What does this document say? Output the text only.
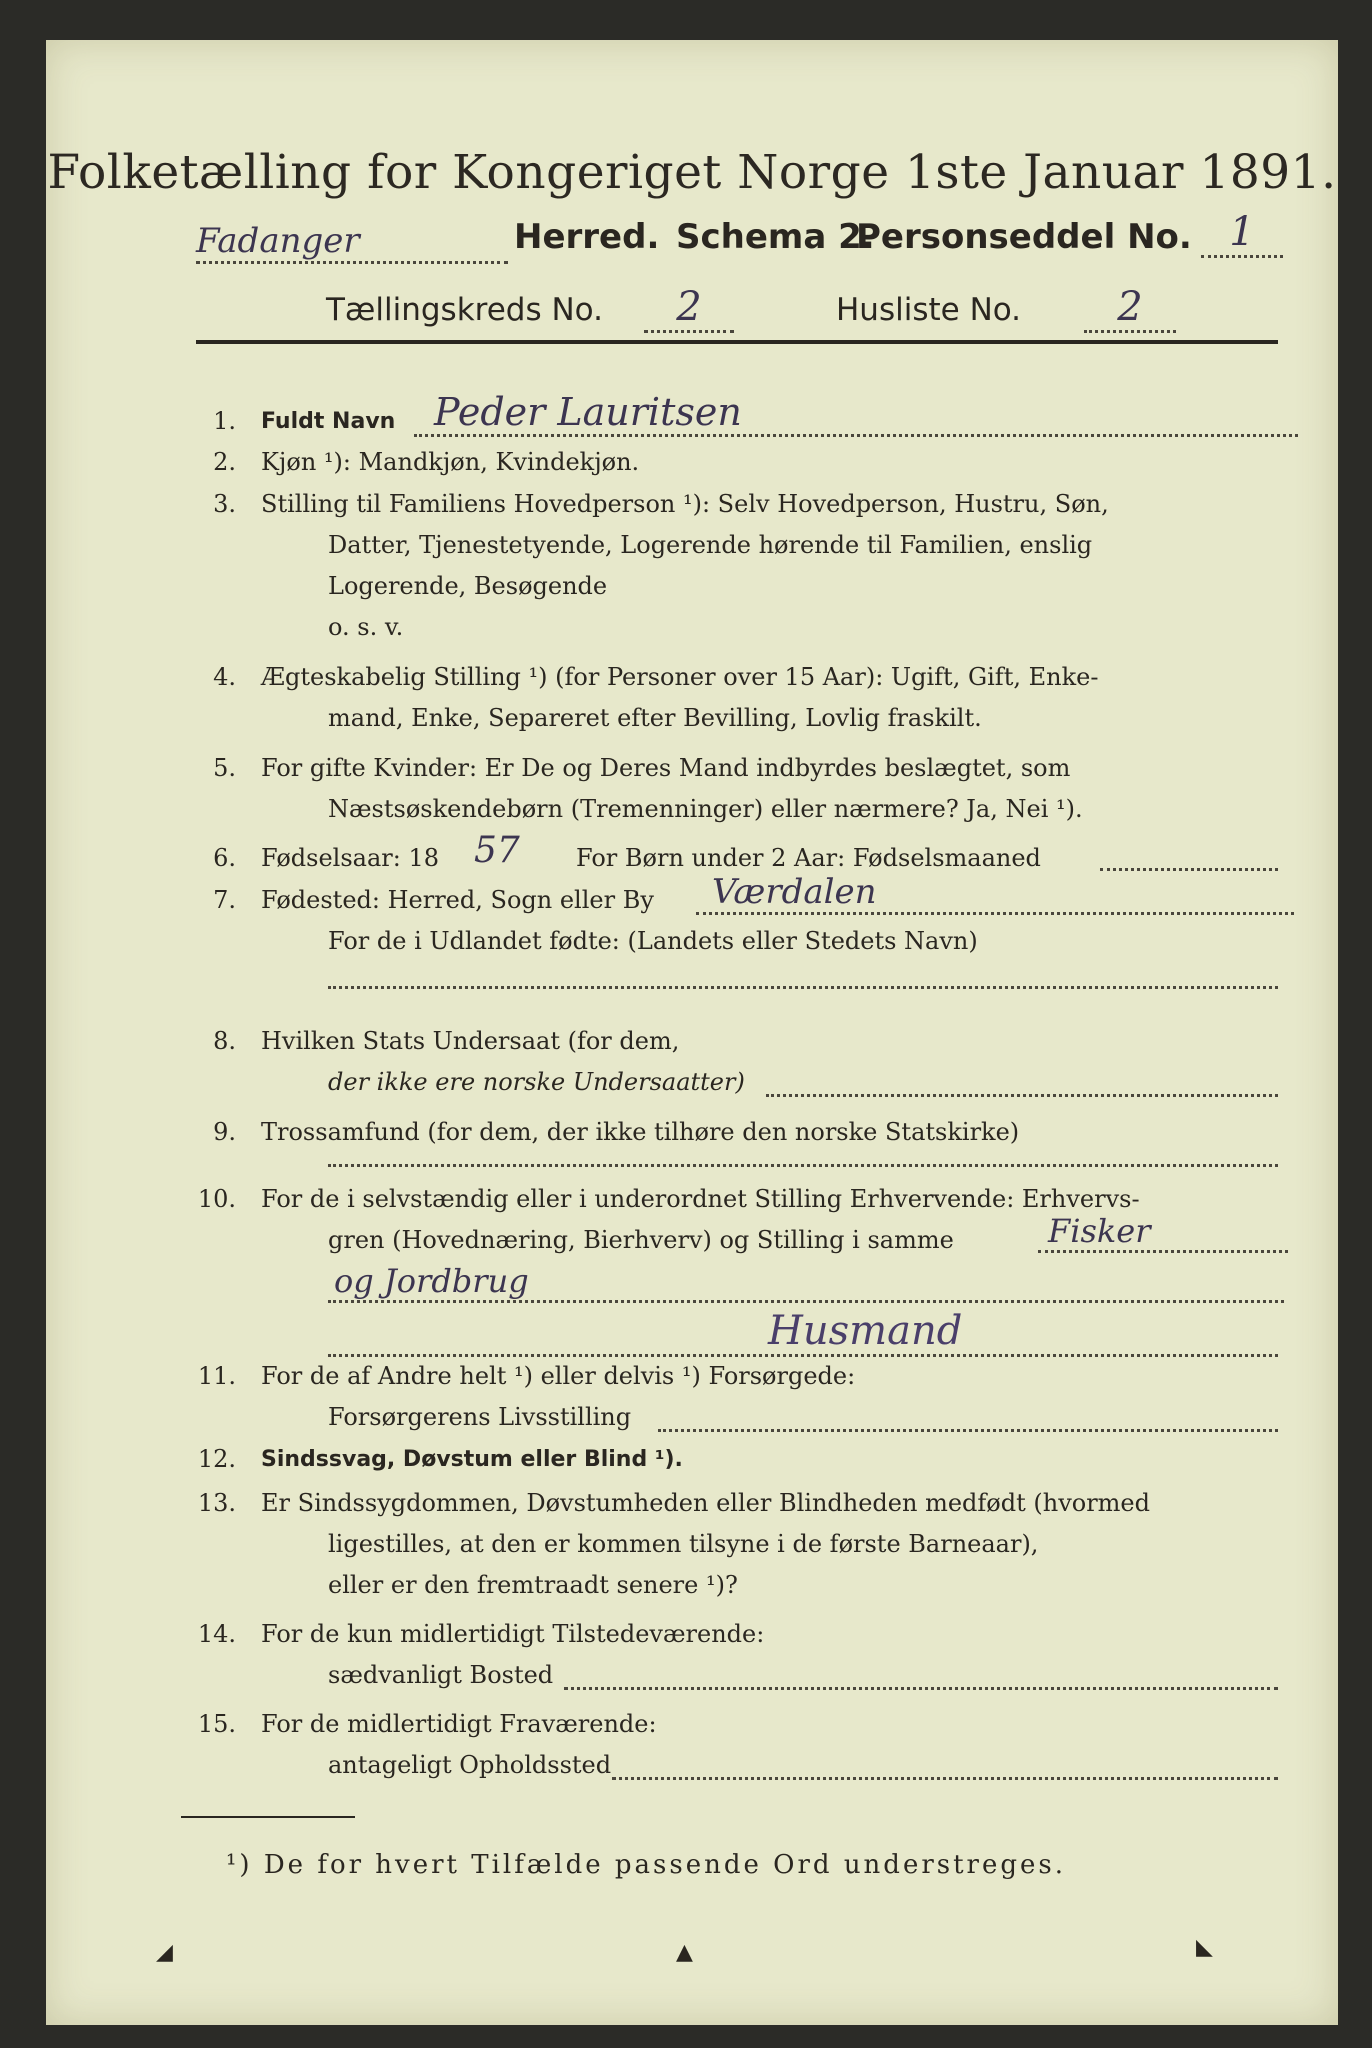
Folketælling for Kongeriget Norge 1ste Januar 1891.
Fadanger	Herred. Schema 2.
Personseddel No. 1
Tællingskreds No.	2	Husliste No.	2
1. Fuldt Navn	Peder Lauritsen
2. Kjøn ¹): Mandkjøn, Kvindekjøn.
3. Stilling til Familiens Hovedperson ¹): Selv Hovedperson, Hustru, Søn,
Datter, Tjenestetyende, Logerende hørende til Familien, enslig
Logerende, Besøgende
o. s. v.
4. Ægteskabelig Stilling ¹) (for Personer over 15 Aar): Ugift, Gift, Enke-
mand, Enke, Separeret efter Bevilling, Lovlig fraskilt.
5. For gifte Kvinder: Er De og Deres Mand indbyrdes beslægtet, som
Næstsøskendebørn (Tremenninger) eller nærmere? Ja, Nei ¹).
6. Fødselsaar: 18 57 For Børn under 2 Aar: Fødselsmaaned
7. Fødested: Herred, Sogn eller By	Værdalen
For de i Udlandet fødte: (Landets eller Stedets Navn)
8. Hvilken Stats Undersaat (for dem,
der ikke ere norske Undersaatter)
9. Trossamfund (for dem, der ikke tilhøre den norske Statskirke)
10. For de i selvstændig eller i underordnet Stilling Erhvervende: Erhvervs-
gren (Hovednæring, Bierhverv) og Stilling i samme	Fisker
og Jordbrug
Husmand
11. For de af Andre helt ¹) eller delvis ¹) Forsørgede:
Forsørgerens Livsstilling
12. Sindssvag, Døvstum eller Blind ¹).
13. Er Sindssygdommen, Døvstumheden eller Blindheden medfødt (hvormed
ligestilles, at den er kommen tilsyne i de første Barneaar),
eller er den fremtraadt senere ¹)?
14. For de kun midlertidigt Tilstedeværende:
sædvanligt Bosted
15. For de midlertidigt Fraværende:
antageligt Opholdssted
¹) De for hvert Tilfælde passende Ord understreges.
◢	▲	◣
